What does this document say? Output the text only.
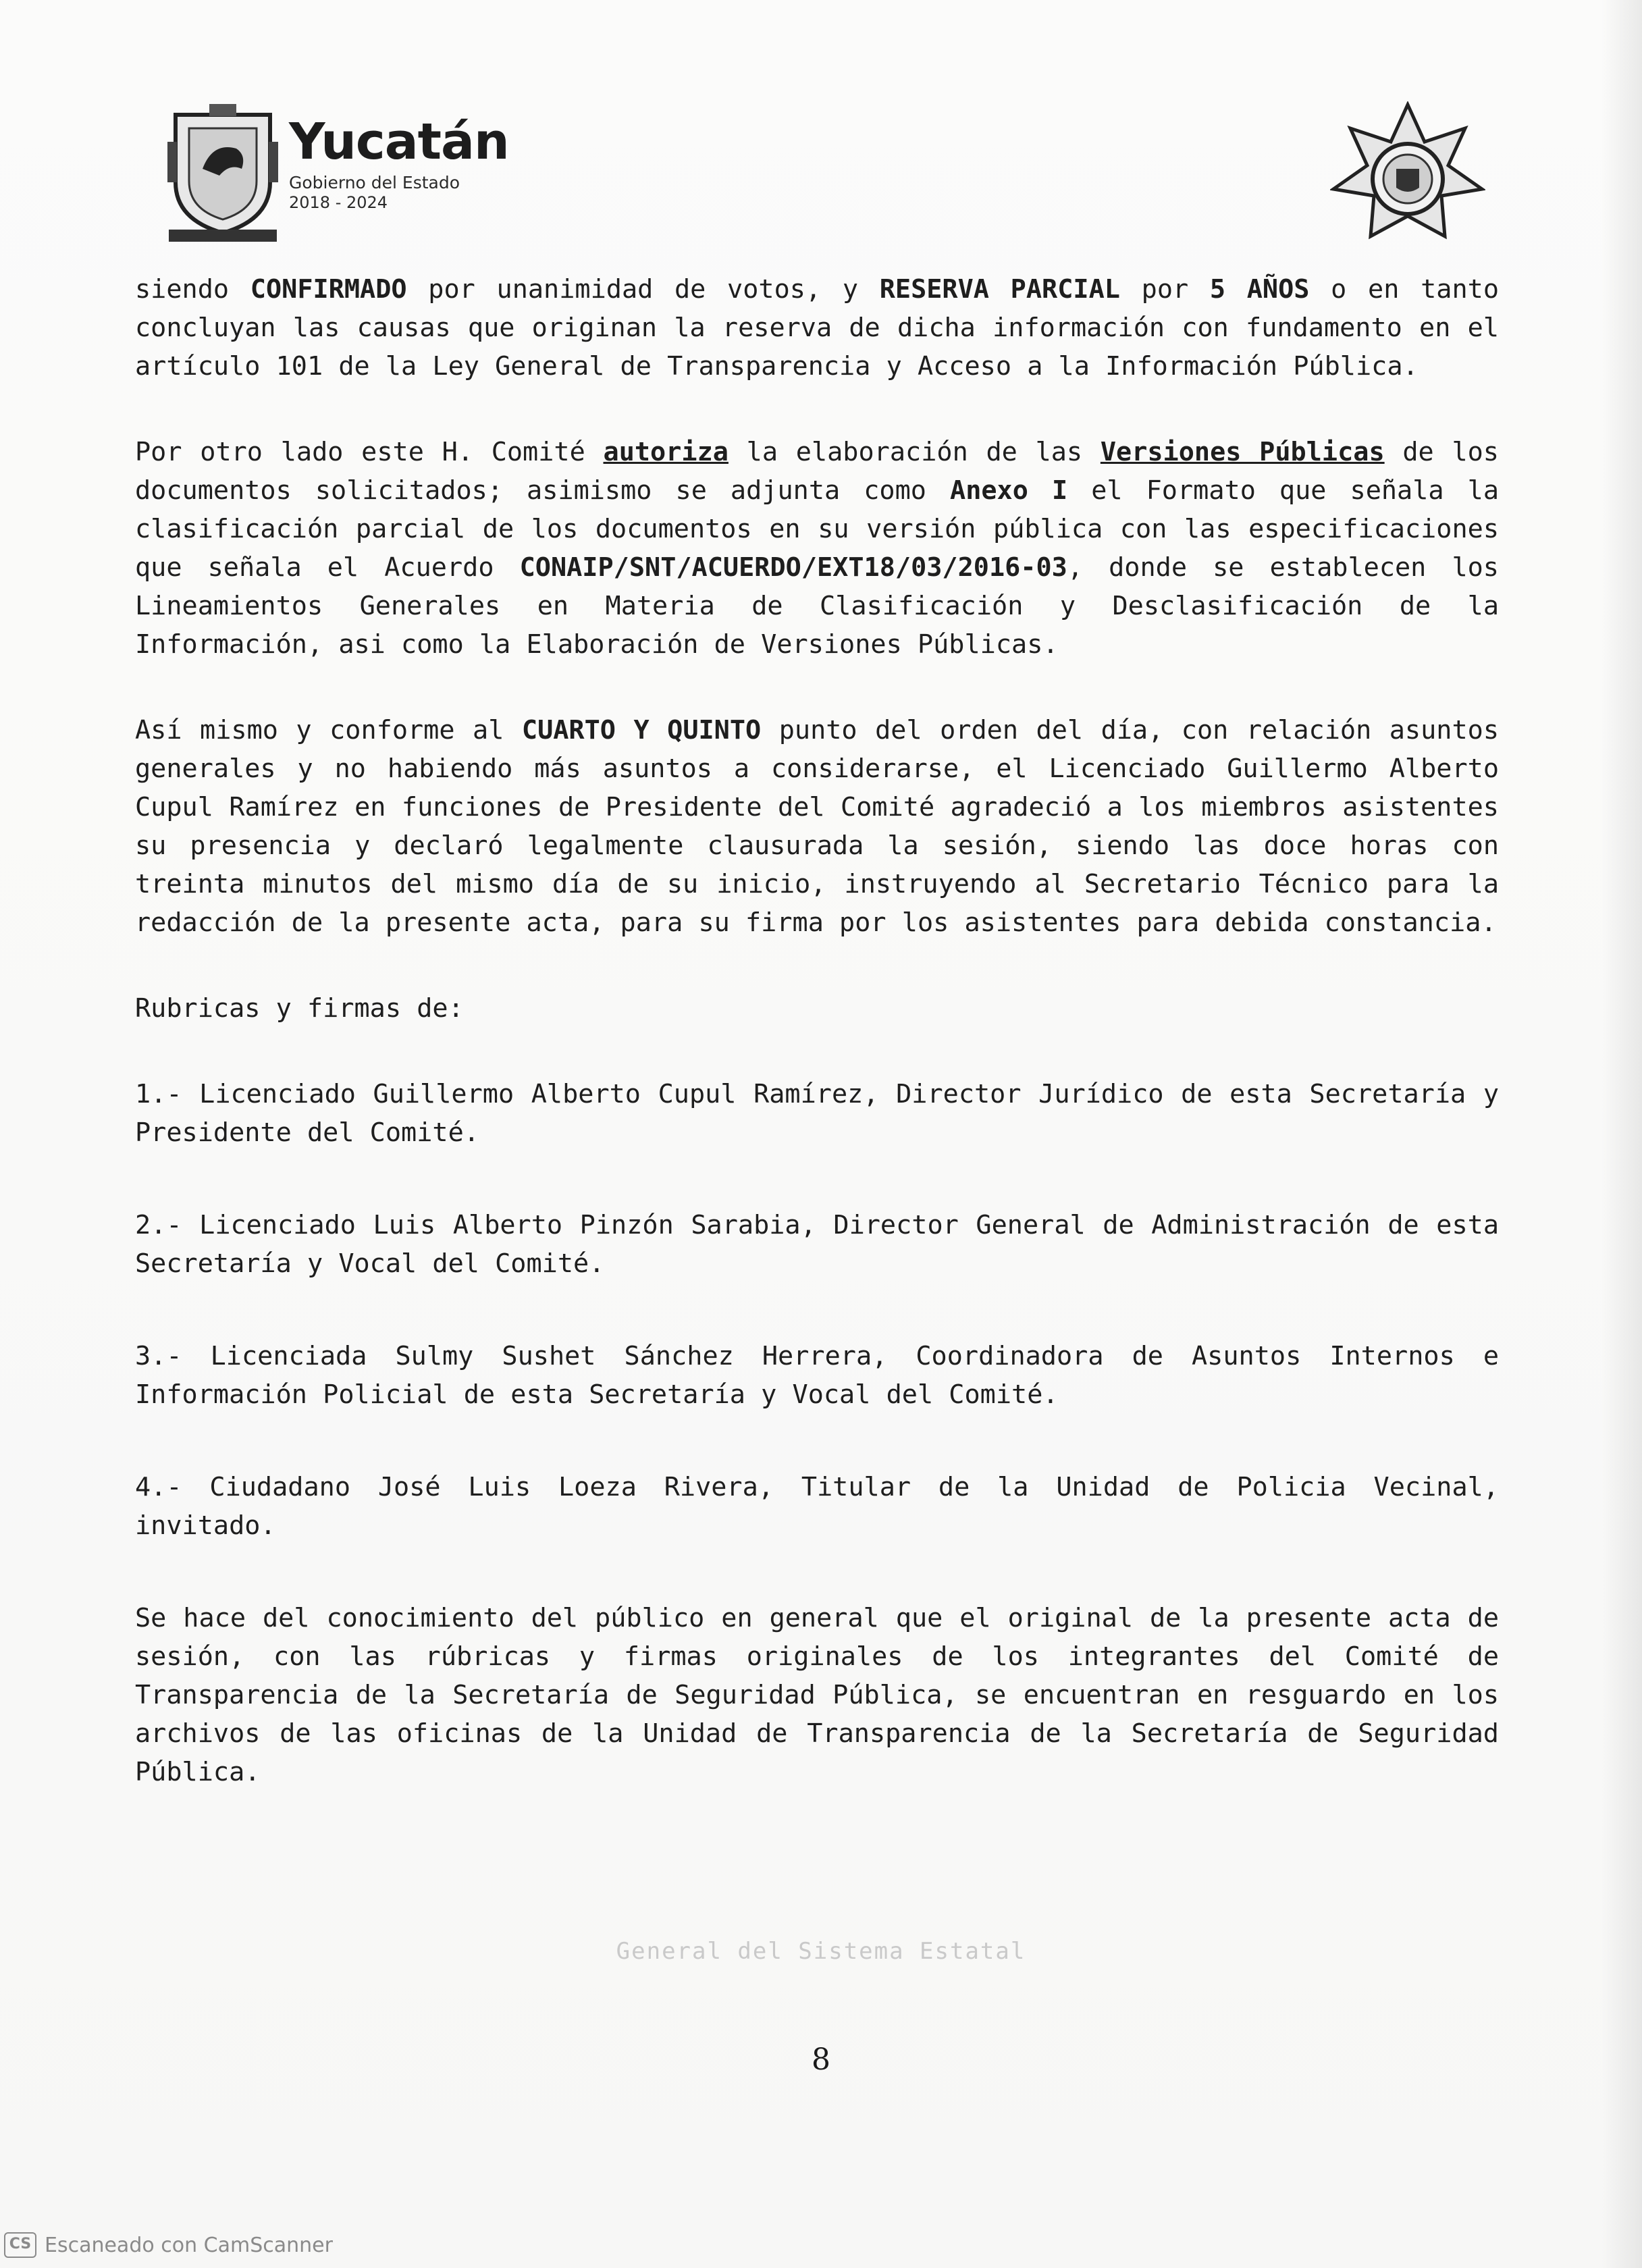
Yucatán
Gobierno del Estado
2018 - 2024

siendo CONFIRMADO por unanimidad de votos, y RESERVA PARCIAL por 5 AÑOS o en tanto concluyan las causas que originan la reserva de dicha información con fundamento en el artículo 101 de la Ley General de Transparencia y Acceso a la Información Pública.

Por otro lado este H. Comité autoriza la elaboración de las Versiones Públicas de los documentos solicitados; asimismo se adjunta como Anexo I el Formato que señala la clasificación parcial de los documentos en su versión pública con las especificaciones que señala el Acuerdo CONAIP/SNT/ACUERDO/EXT18/03/2016-03, donde se establecen los Lineamientos Generales en Materia de Clasificación y Desclasificación de la Información, asi como la Elaboración de Versiones Públicas.

Así mismo y conforme al CUARTO Y QUINTO punto del orden del día, con relación asuntos generales y no habiendo más asuntos a considerarse, el Licenciado Guillermo Alberto Cupul Ramírez en funciones de Presidente del Comité agradeció a los miembros asistentes su presencia y declaró legalmente clausurada la sesión, siendo las doce horas con treinta minutos del mismo día de su inicio, instruyendo al Secretario Técnico para la redacción de la presente acta, para su firma por los asistentes para debida constancia.

Rubricas y firmas de:

1.- Licenciado Guillermo Alberto Cupul Ramírez, Director Jurídico de esta Secretaría y Presidente del Comité.

2.- Licenciado Luis Alberto Pinzón Sarabia, Director General de Administración de esta Secretaría y Vocal del Comité.

3.- Licenciada Sulmy Sushet Sánchez Herrera, Coordinadora de Asuntos Internos e Información Policial de esta Secretaría y Vocal del Comité.

4.- Ciudadano José Luis Loeza Rivera, Titular de la Unidad de Policia Vecinal, invitado.

Se hace del conocimiento del público en general que el original de la presente acta de sesión, con las rúbricas y firmas originales de los integrantes del Comité de Transparencia de la Secretaría de Seguridad Pública, se encuentran en resguardo en los archivos de las oficinas de la Unidad de Transparencia de la Secretaría de Seguridad Pública.

General del Sistema Estatal
8
CS Escaneado con CamScanner
